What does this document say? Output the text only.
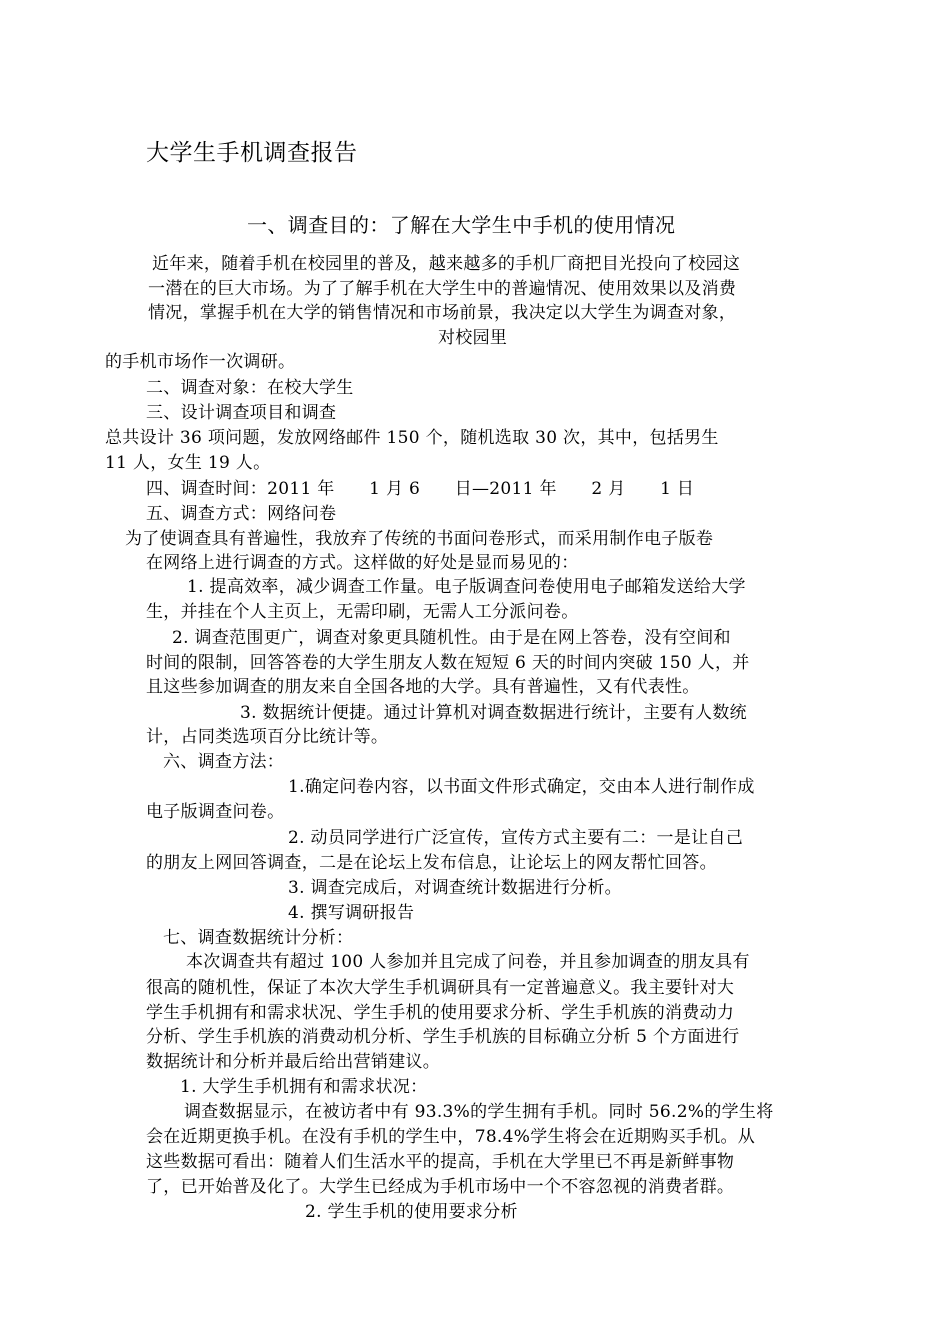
大学生手机调查报告
一、调查目的：了解在大学生中手机的使用情况
近年来，随着手机在校园里的普及，越来越多的手机厂商把目光投向了校园这
一潜在的巨大市场。为了了解手机在大学生中的普遍情况、使用效果以及消费
情况，掌握手机在大学的销售情况和市场前景，我决定以大学生为调查对象，
对校园里
的手机市场作一次调研。
二、调查对象：在校大学生
三、设计调查项目和调查
总共设计 36 项问题，发放网络邮件 150 个，随机选取 30 次，其中，包括男生
11 人，女生 19 人。
四、调查时间：2011 年　　1 月 6　　日—2011 年　　2 月　　1 日
五、调查方式：网络问卷
为了使调查具有普遍性，我放弃了传统的书面问卷形式，而采用制作电子版卷
在网络上进行调查的方式。这样做的好处是显而易见的：
1. 提高效率，减少调查工作量。电子版调查问卷使用电子邮箱发送给大学
生，并挂在个人主页上，无需印刷，无需人工分派问卷。
2. 调查范围更广，调查对象更具随机性。由于是在网上答卷，没有空间和
时间的限制，回答答卷的大学生朋友人数在短短 6 天的时间内突破 150 人，并
且这些参加调查的朋友来自全国各地的大学。具有普遍性，又有代表性。
3. 数据统计便捷。通过计算机对调查数据进行统计，主要有人数统
计，占同类选项百分比统计等。
六、调查方法：
1.确定问卷内容，以书面文件形式确定，交由本人进行制作成
电子版调查问卷。
2. 动员同学进行广泛宣传，宣传方式主要有二：一是让自己
的朋友上网回答调查，二是在论坛上发布信息，让论坛上的网友帮忙回答。
3. 调查完成后，对调查统计数据进行分析。
4. 撰写调研报告
七、调查数据统计分析：
本次调查共有超过 100 人参加并且完成了问卷，并且参加调查的朋友具有
很高的随机性，保证了本次大学生手机调研具有一定普遍意义。我主要针对大
学生手机拥有和需求状况、学生手机的使用要求分析、学生手机族的消费动力
分析、学生手机族的消费动机分析、学生手机族的目标确立分析 5 个方面进行
数据统计和分析并最后给出营销建议。
1. 大学生手机拥有和需求状况：
调查数据显示，在被访者中有 93.3%的学生拥有手机。同时 56.2%的学生将
会在近期更换手机。在没有手机的学生中，78.4%学生将会在近期购买手机。从
这些数据可看出：随着人们生活水平的提高，手机在大学里已不再是新鲜事物
了，已开始普及化了。大学生已经成为手机市场中一个不容忽视的消费者群。
2. 学生手机的使用要求分析
